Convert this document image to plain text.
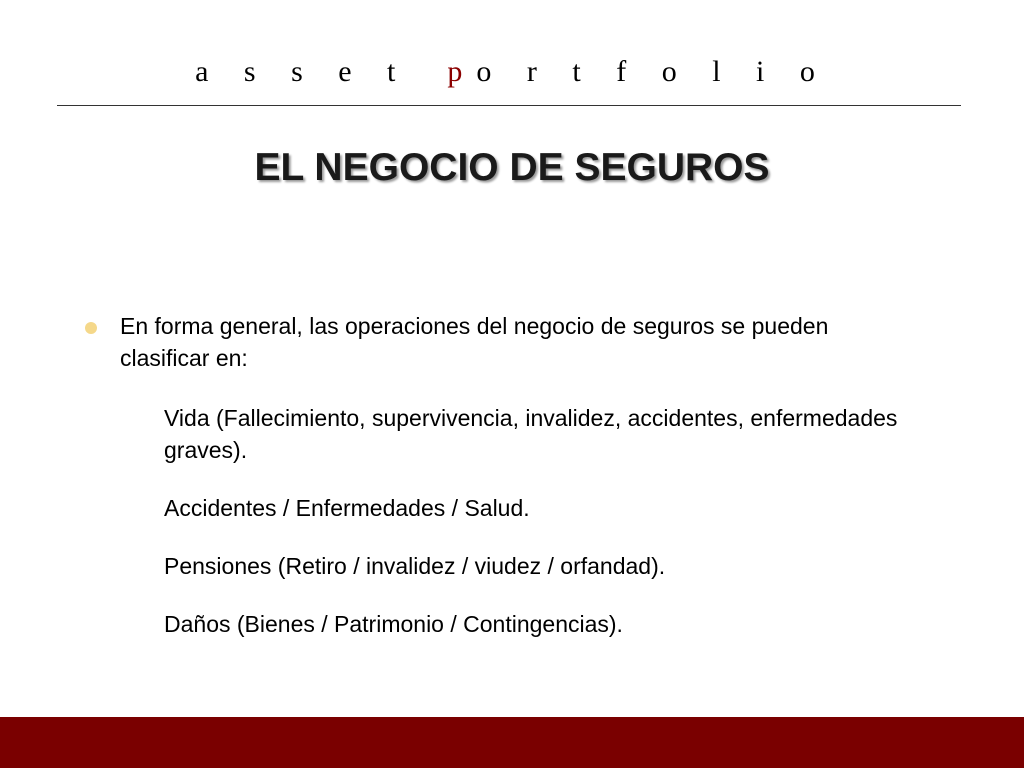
a s s e t po r t f o l i o
EL NEGOCIO DE SEGUROS
En forma general, las operaciones del negocio de seguros se pueden clasificar en:
Vida (Fallecimiento, supervivencia, invalidez, accidentes, enfermedades graves).
Accidentes / Enfermedades / Salud.
Pensiones (Retiro / invalidez / viudez / orfandad).
Daños (Bienes / Patrimonio / Contingencias).
